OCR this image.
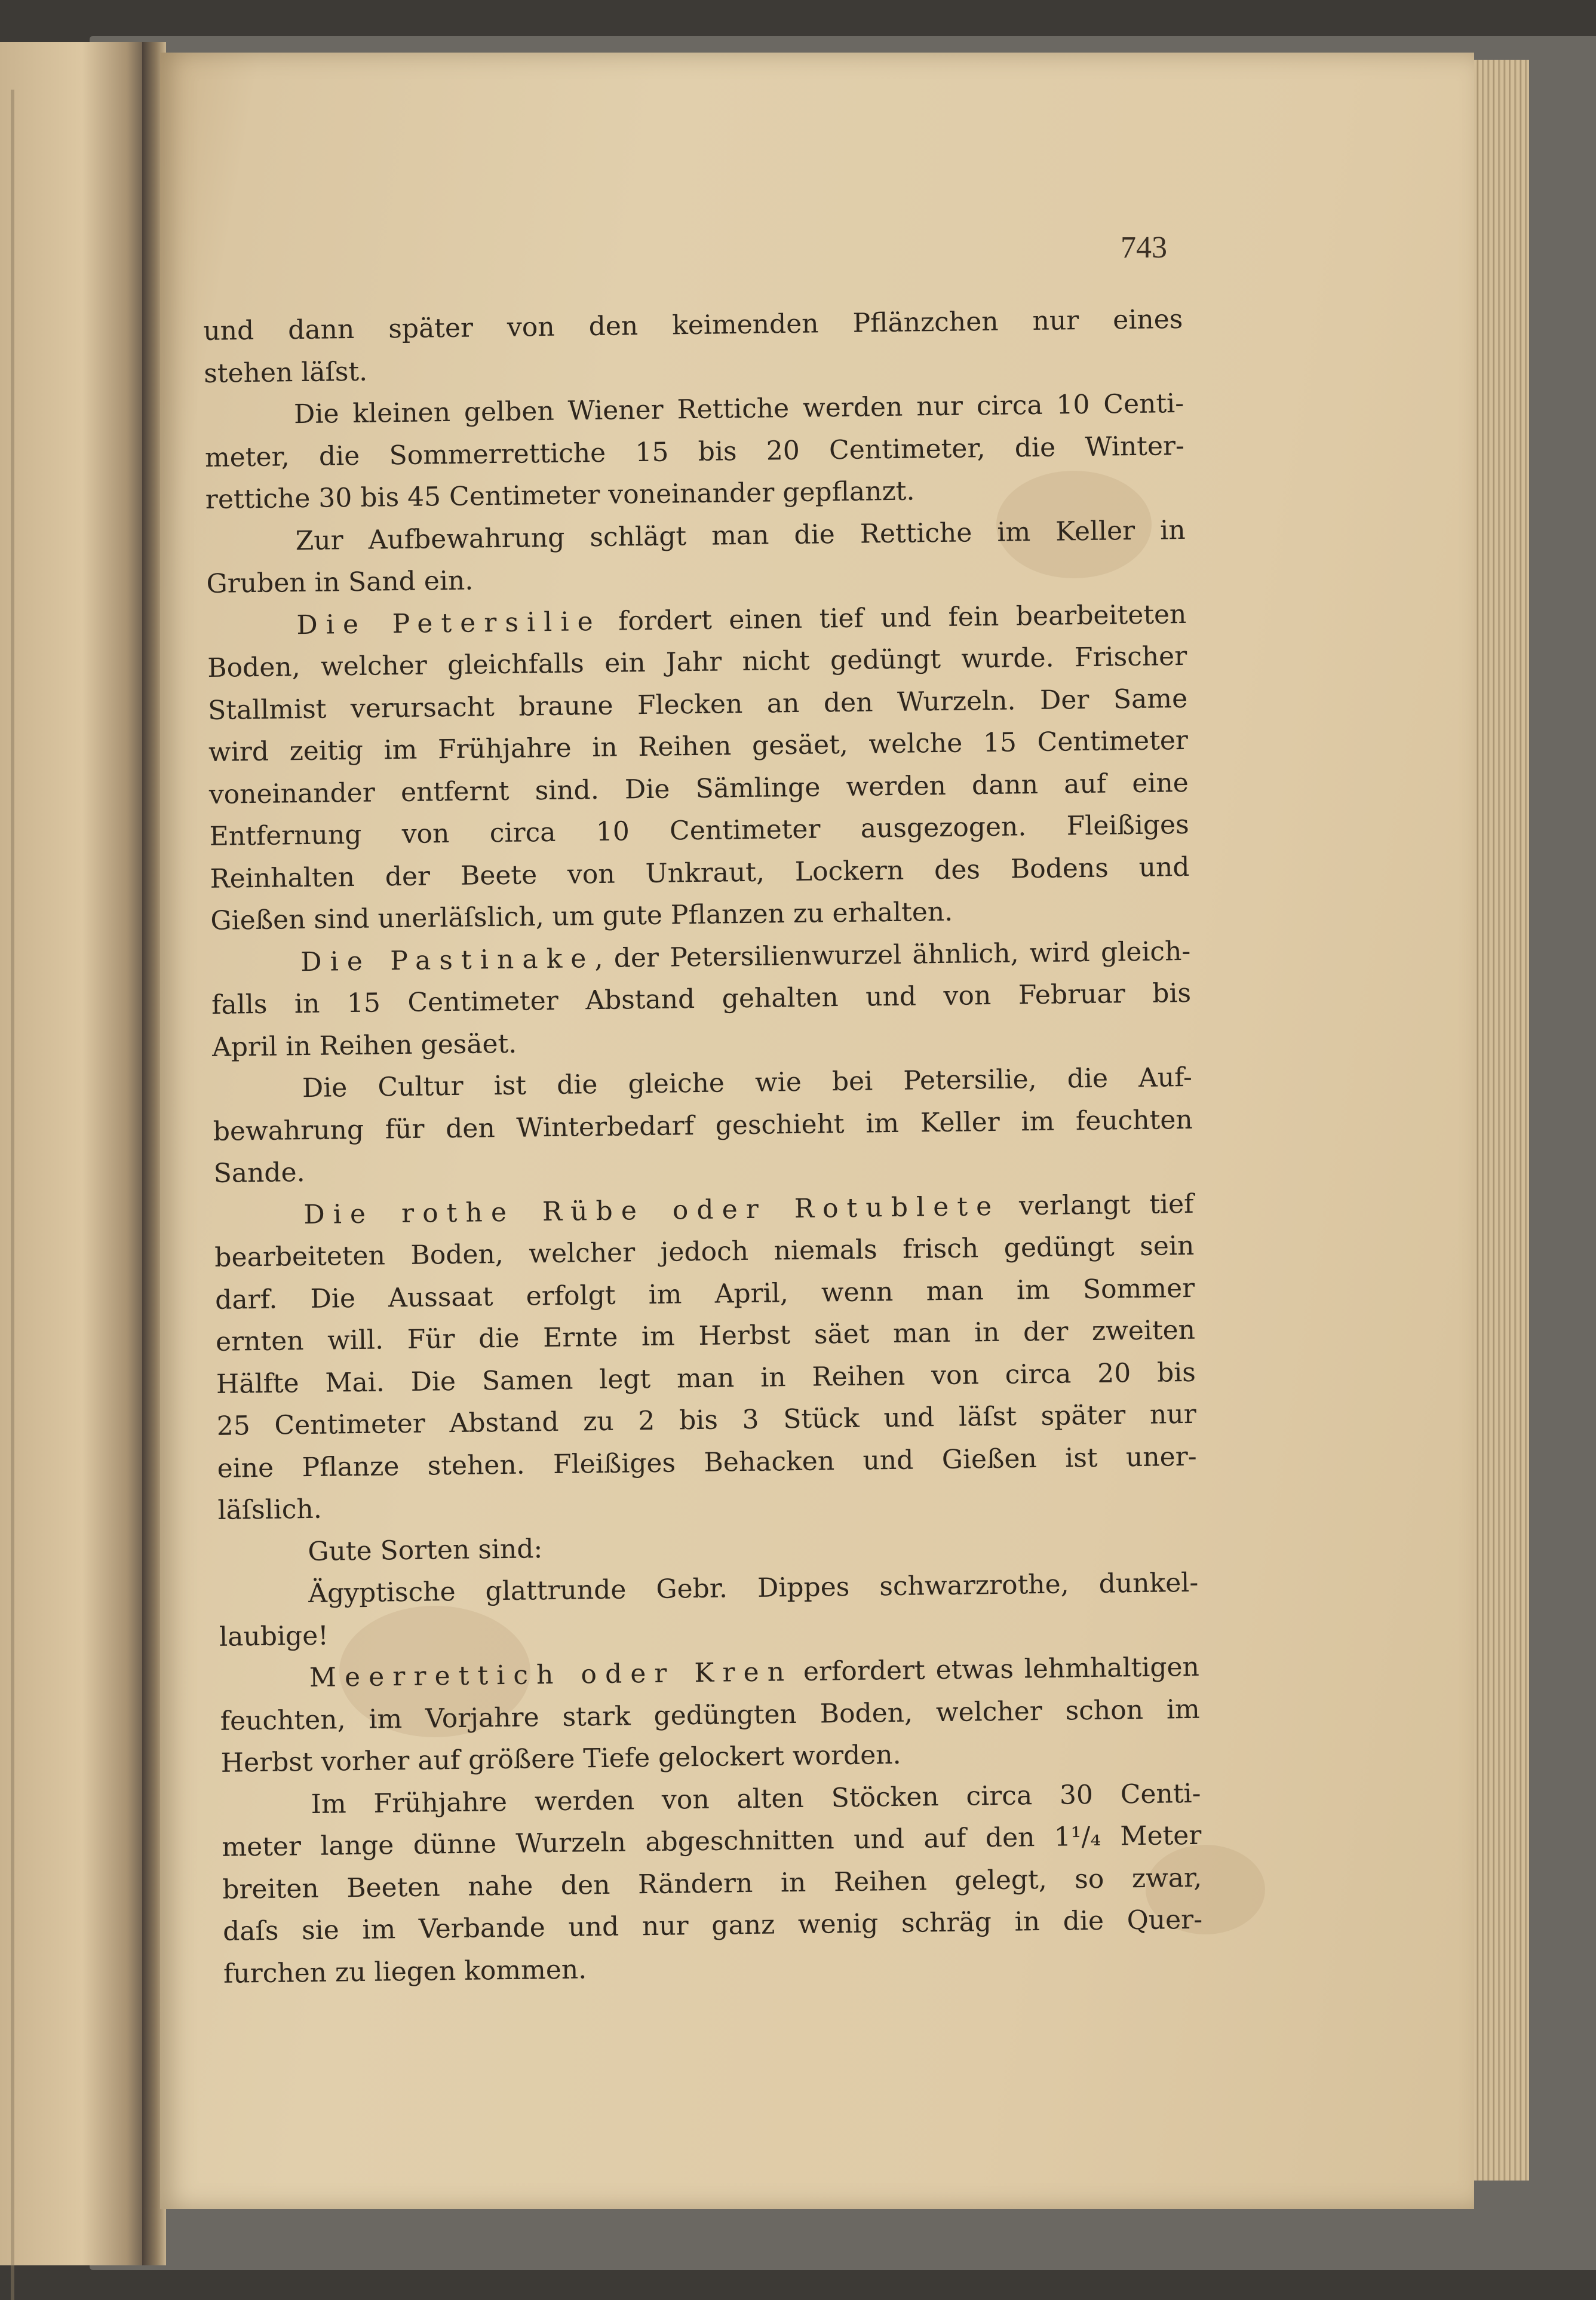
743
und dann später von den keimenden Pflänzchen nur eines
stehen läſst.
Die kleinen gelben Wiener Rettiche werden nur circa 10 Centi-
meter, die Sommerrettiche 15 bis 20 Centimeter, die Winter-
rettiche 30 bis 45 Centimeter voneinander gepflanzt.
Zur Aufbewahrung schlägt man die Rettiche im Keller in
Gruben in Sand ein.
Die Petersilie fordert einen tief und fein bearbeiteten
Boden, welcher gleichfalls ein Jahr nicht gedüngt wurde. Frischer
Stallmist verursacht braune Flecken an den Wurzeln. Der Same
wird zeitig im Frühjahre in Reihen gesäet, welche 15 Centimeter
voneinander entfernt sind. Die Sämlinge werden dann auf eine
Entfernung von circa 10 Centimeter ausgezogen. Fleißiges
Reinhalten der Beete von Unkraut, Lockern des Bodens und
Gießen sind unerläſslich, um gute Pflanzen zu erhalten.
Die Pastinake, der Petersilienwurzel ähnlich, wird gleich-
falls in 15 Centimeter Abstand gehalten und von Februar bis
April in Reihen gesäet.
Die Cultur ist die gleiche wie bei Petersilie, die Auf-
bewahrung für den Winterbedarf geschieht im Keller im feuchten
Sande.
Die rothe Rübe oder Rotublete verlangt tief
bearbeiteten Boden, welcher jedoch niemals frisch gedüngt sein
darf. Die Aussaat erfolgt im April, wenn man im Sommer
ernten will. Für die Ernte im Herbst säet man in der zweiten
Hälfte Mai. Die Samen legt man in Reihen von circa 20 bis
25 Centimeter Abstand zu 2 bis 3 Stück und läſst später nur
eine Pflanze stehen. Fleißiges Behacken und Gießen ist uner-
läſslich.
Gute Sorten sind:
Ägyptische glattrunde Gebr. Dippes schwarzrothe, dunkel-
laubige!
Meerrettich oder Kren erfordert etwas lehmhaltigen
feuchten, im Vorjahre stark gedüngten Boden, welcher schon im
Herbst vorher auf größere Tiefe gelockert worden.
Im Frühjahre werden von alten Stöcken circa 30 Centi-
meter lange dünne Wurzeln abgeschnitten und auf den 1¹/₄ Meter
breiten Beeten nahe den Rändern in Reihen gelegt, so zwar,
daſs sie im Verbande und nur ganz wenig schräg in die Quer-
furchen zu liegen kommen.
